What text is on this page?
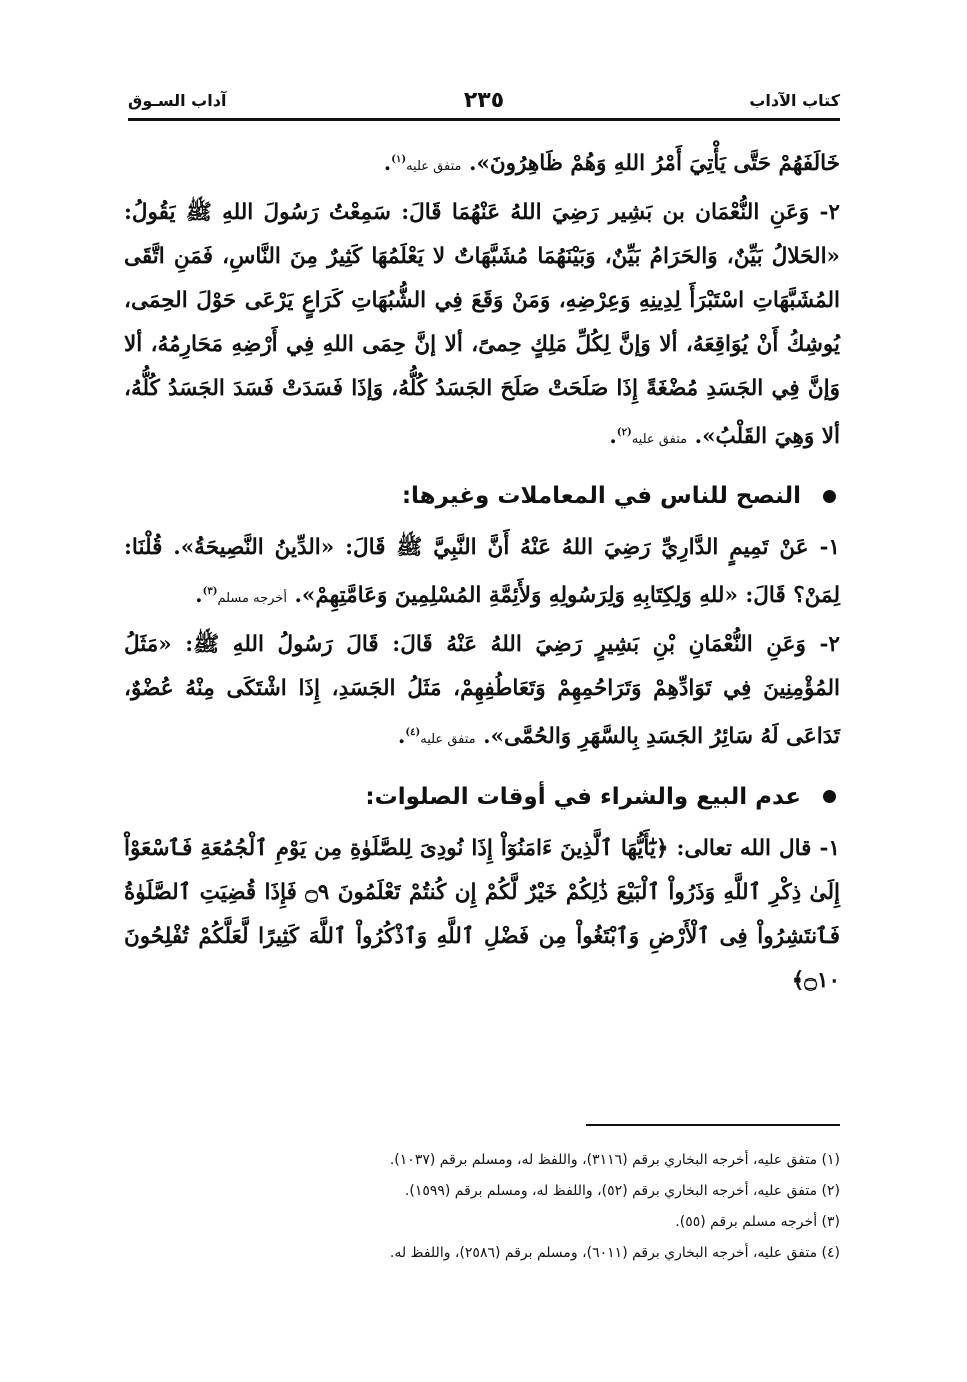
كتاب الآداب
٢٣٥
آداب السـوق

خَالَفَهُمْ حَتَّى يَأْتِيَ أَمْرُ اللهِ وَهُمْ ظَاهِرُونَ». متفق عليه$^{(١)}$.

٢- وَعَنِ النُّعْمَان بن بَشِير رَضِيَ اللهُ عَنْهُمَا قَالَ: سَمِعْتُ رَسُولَ اللهِ ﷺ يَقُولُ: «الحَلالُ بَيِّنٌ، وَالحَرَامُ بَيِّنٌ، وَبَيْنَهُمَا مُشَبَّهَاتٌ لا يَعْلَمُهَا كَثِيرٌ مِنَ النَّاسِ، فَمَنِ اتَّقَى المُشَبَّهَاتِ اسْتَبْرَأَ لِدِينِهِ وَعِرْضِهِ، وَمَنْ وَقَعَ فِي الشُّبُهَاتِ كَرَاعٍ يَرْعَى حَوْلَ الحِمَى، يُوشِكُ أَنْ يُوَاقِعَهُ، ألا وَإنَّ لِكُلِّ مَلِكٍ حِمىً، ألا إنَّ حِمَى اللهِ فِي أَرْضِهِ مَحَارِمُهُ، ألا وَإنَّ فِي الجَسَدِ مُضْغَةً إِذَا صَلَحَتْ صَلَحَ الجَسَدُ كُلُّهُ، وَإذَا فَسَدَتْ فَسَدَ الجَسَدُ كُلُّهُ، ألا وَهِيَ القَلْبُ». متفق عليه$^{(٢)}$.

النصح للناس في المعاملات وغيرها:

١- عَنْ تَمِيمٍ الدَّارِيِّ رَضِيَ اللهُ عَنْهُ أَنَّ النَّبِيَّ ﷺ قَالَ: «الدِّينُ النَّصِيحَةُ». قُلْنَا: لِمَنْ؟ قَالَ: «للهِ وَلِكِتَابِهِ وَلِرَسُولِهِ وَلأَئِمَّةِ المُسْلِمِينَ وَعَامَّتِهِمْ». أخرجه مسلم$^{(٣)}$.

٢- وَعَنِ النُّعْمَانِ بْنِ بَشِيرٍ رَضِيَ اللهُ عَنْهُ قَالَ: قَالَ رَسُولُ اللهِ ﷺ: «مَثَلُ المُؤْمِنِينَ فِي تَوَادِّهِمْ وَتَرَاحُمِهِمْ وَتَعَاطُفِهِمْ، مَثَلُ الجَسَدِ، إِذَا اشْتَكَى مِنْهُ عُضْوٌ، تَدَاعَى لَهُ سَائِرُ الجَسَدِ بِالسَّهَرِ وَالحُمَّى». متفق عليه$^{(٤)}$.

عدم البيع والشراء في أوقات الصلوات:

١- قال الله تعالى: ﴿يَٰٓأَيُّهَا ٱلَّذِينَ ءَامَنُوٓاْ إِذَا نُودِىَ لِلصَّلَوٰةِ مِن يَوْمِ ٱلْجُمُعَةِ فَٱسْعَوْاْ إِلَىٰ ذِكْرِ ٱللَّهِ وَذَرُواْ ٱلْبَيْعَ ذَٰلِكُمْ خَيْرٌ لَّكُمْ إِن كُنتُمْ تَعْلَمُونَ ۝٩ فَإِذَا قُضِيَتِ ٱلصَّلَوٰةُ فَٱنتَشِرُواْ فِى ٱلْأَرْضِ وَٱبْتَغُواْ مِن فَضْلِ ٱللَّهِ وَٱذْكُرُواْ ٱللَّهَ كَثِيرًا لَّعَلَّكُمْ تُفْلِحُونَ ۝١٠﴾

(١) متفق عليه، أخرجه البخاري برقم (٣١١٦)، واللفظ له، ومسلم برقم (١٠٣٧).

(٢) متفق عليه، أخرجه البخاري برقم (٥٢)، واللفظ له، ومسلم برقم (١٥٩٩).

(٣) أخرجه مسلم برقم (٥٥).

(٤) متفق عليه، أخرجه البخاري برقم (٦٠١١)، ومسلم برقم (٢٥٨٦)، واللفظ له.
